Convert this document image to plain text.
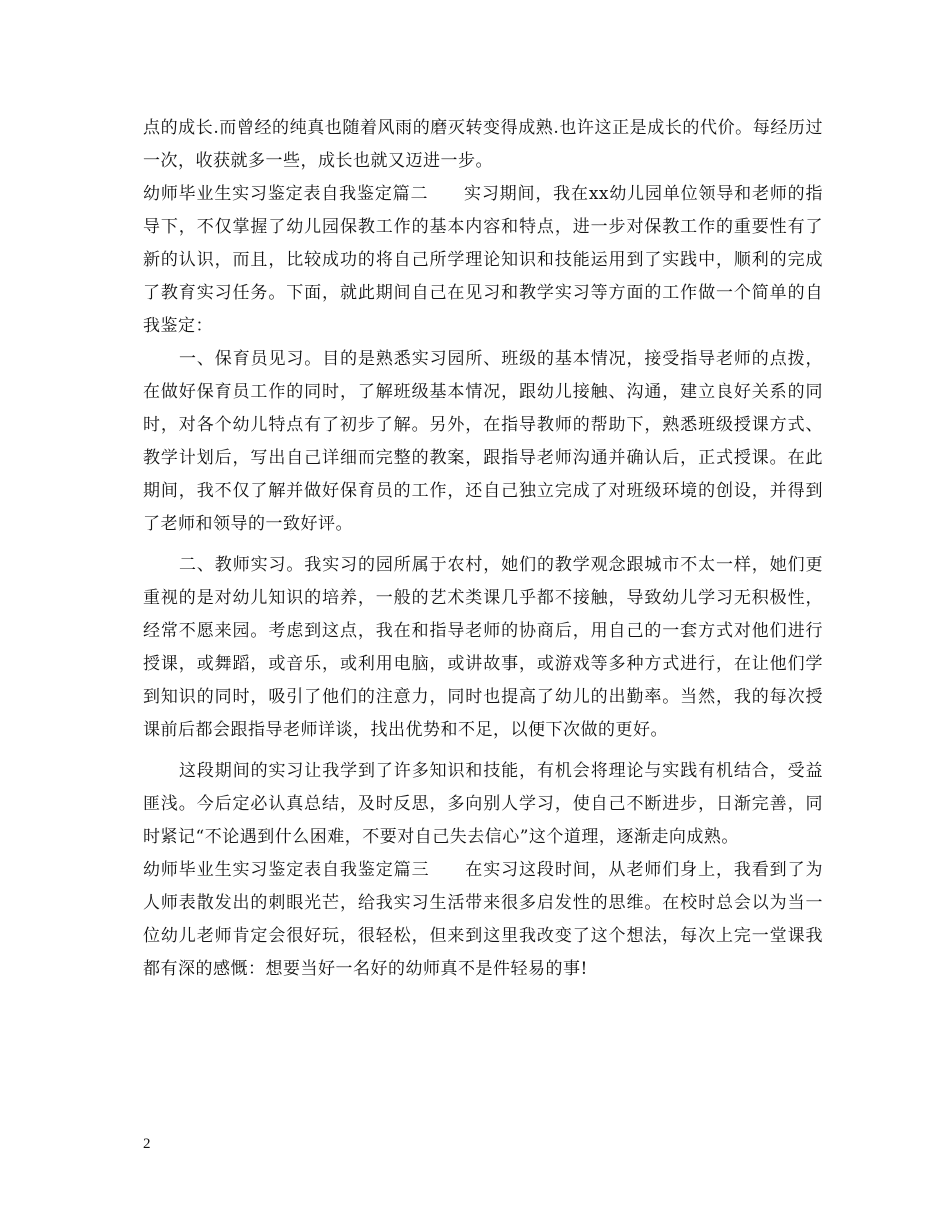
点的成长.而曾经的纯真也随着风雨的磨灭转变得成熟.也许这正是成长的代价。每经历过一次，收获就多一些，成长也就又迈进一步。

幼师毕业生实习鉴定表自我鉴定篇二　　实习期间，我在xx幼儿园单位领导和老师的指导下，不仅掌握了幼儿园保教工作的基本内容和特点，进一步对保教工作的重要性有了新的认识，而且，比较成功的将自己所学理论知识和技能运用到了实践中，顺利的完成了教育实习任务。下面，就此期间自己在见习和教学实习等方面的工作做一个简单的自我鉴定：

一、保育员见习。目的是熟悉实习园所、班级的基本情况，接受指导老师的点拨，在做好保育员工作的同时，了解班级基本情况，跟幼儿接触、沟通，建立良好关系的同时，对各个幼儿特点有了初步了解。另外，在指导教师的帮助下，熟悉班级授课方式、教学计划后，写出自己详细而完整的教案，跟指导老师沟通并确认后，正式授课。在此期间，我不仅了解并做好保育员的工作，还自己独立完成了对班级环境的创设，并得到了老师和领导的一致好评。

二、教师实习。我实习的园所属于农村，她们的教学观念跟城市不太一样，她们更重视的是对幼儿知识的培养，一般的艺术类课几乎都不接触，导致幼儿学习无积极性，经常不愿来园。考虑到这点，我在和指导老师的协商后，用自己的一套方式对他们进行授课，或舞蹈，或音乐，或利用电脑，或讲故事，或游戏等多种方式进行，在让他们学到知识的同时，吸引了他们的注意力，同时也提高了幼儿的出勤率。当然，我的每次授课前后都会跟指导老师详谈，找出优势和不足，以便下次做的更好。

这段期间的实习让我学到了许多知识和技能，有机会将理论与实践有机结合，受益匪浅。今后定必认真总结，及时反思，多向别人学习，使自己不断进步，日渐完善，同时紧记“不论遇到什么困难，不要对自己失去信心”这个道理，逐渐走向成熟。

幼师毕业生实习鉴定表自我鉴定篇三　　在实习这段时间，从老师们身上，我看到了为人师表散发出的刺眼光芒，给我实习生活带来很多启发性的思维。在校时总会以为当一位幼儿老师肯定会很好玩，很轻松，但来到这里我改变了这个想法，每次上完一堂课我都有深的感慨：想要当好一名好的幼师真不是件轻易的事!

2
